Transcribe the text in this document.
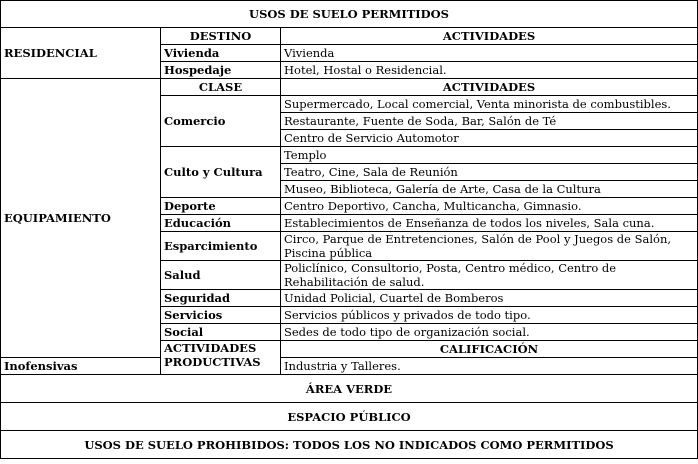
USOS DE SUELO PERMITIDOS			
RESIDENCIAL	DESTINO	ACTIVIDADES	
	Vivienda	Vivienda	
	Hospedaje	Hotel, Hostal o Residencial.	
EQUIPAMIENTO	CLASE	ACTIVIDADES	
	Comercio	Supermercado, Local comercial, Venta minorista de combustibles.	
		Restaurante, Fuente de Soda, Bar, Salón de Té	
		Centro de Servicio Automotor	
	Culto y Cultura	Templo	
		Teatro, Cine, Sala de Reunión	
		Museo, Biblioteca, Galería de Arte, Casa de la Cultura	
	Deporte	Centro Deportivo, Cancha, Multicancha, Gimnasio.	
	Educación	Establecimientos de Enseñanza de todos los niveles, Sala cuna.	
	Esparcimiento	Circo, Parque de Entretenciones, Salón de Pool y Juegos de Salón, Piscina pública	
	Salud	Policlínico, Consultorio, Posta, Centro médico, Centro de Rehabilitación de salud.	
	Seguridad	Unidad Policial, Cuartel de Bomberos	
	Servicios	Servicios públicos y privados de todo tipo.	
	Social	Sedes de todo tipo de organización social.	
	ACTIVIDADES PRODUCTIVAS	CALIFICACIÓN	
Inofensivas		Industria y Talleres.	
ÁREA VERDE			
ESPACIO PÚBLICO			
USOS DE SUELO PROHIBIDOS: TODOS LOS NO INDICADOS COMO PERMITIDOS			
